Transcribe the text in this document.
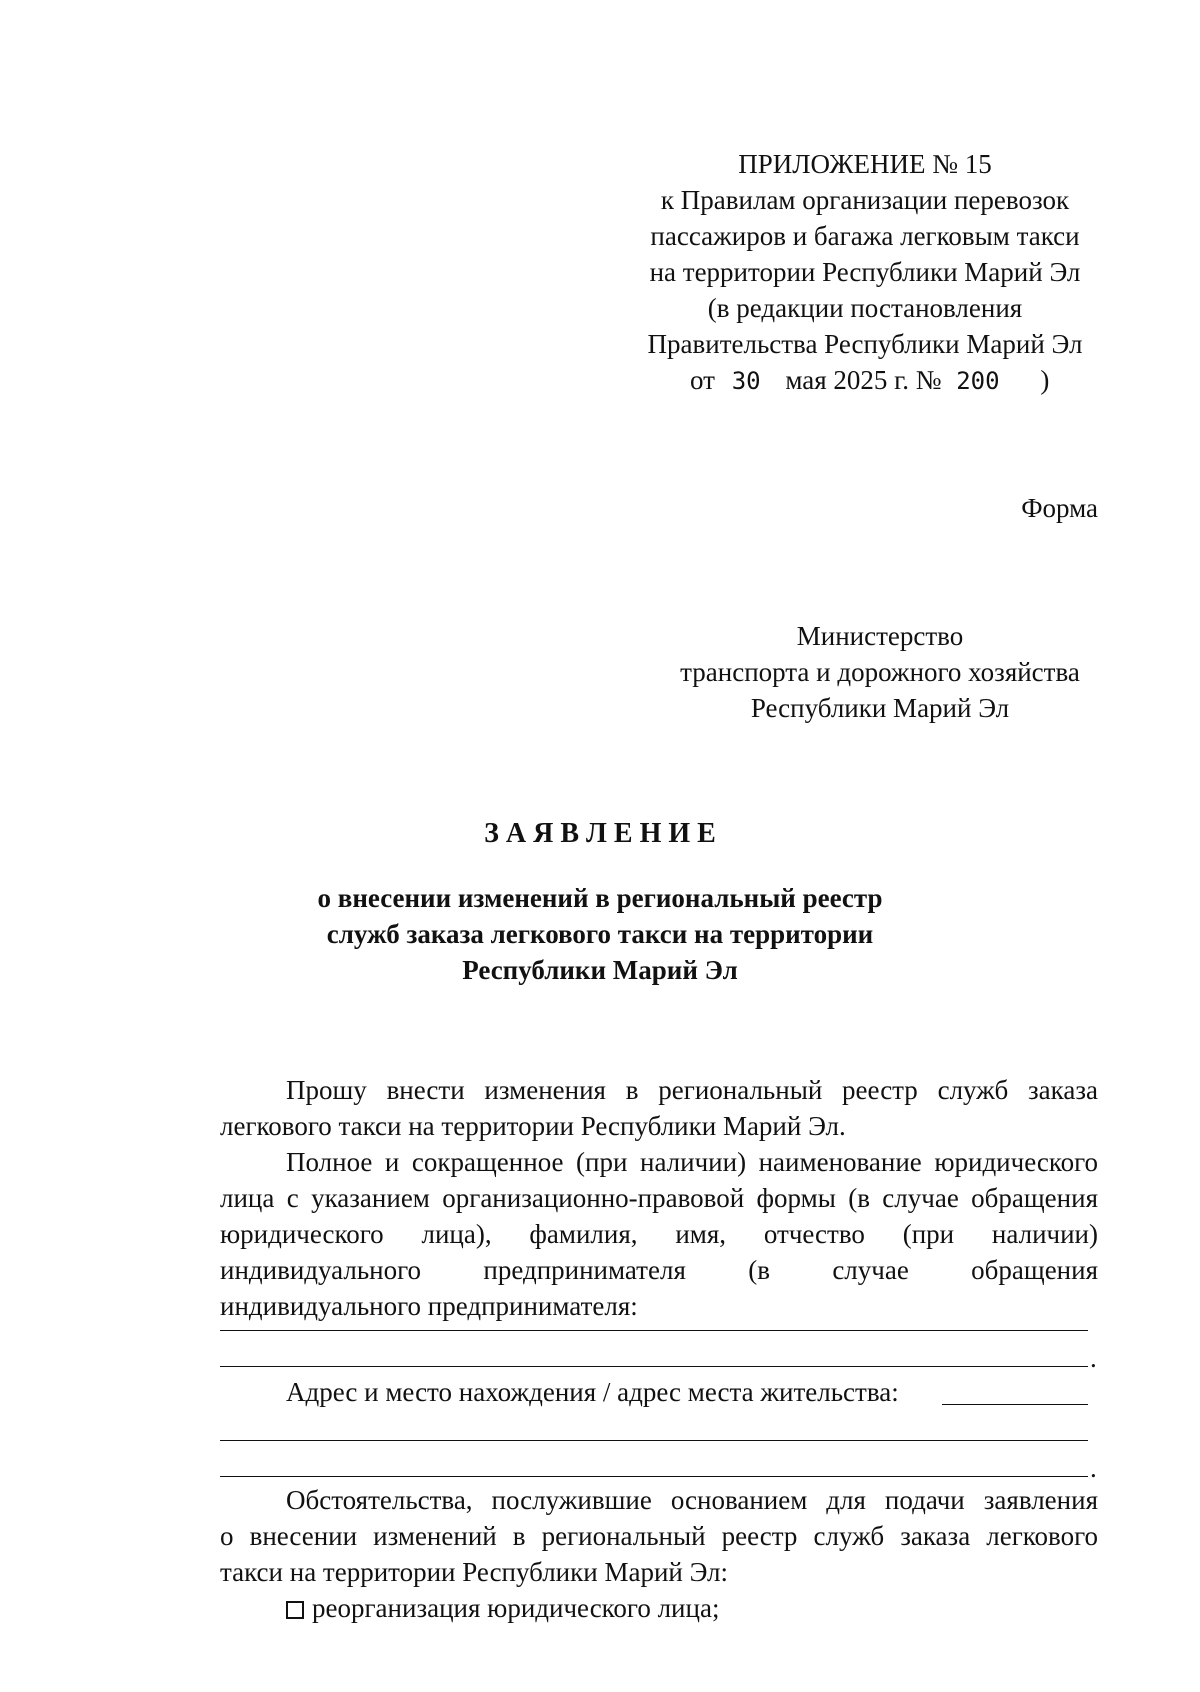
ПРИЛОЖЕНИЕ № 15
к Правилам организации перевозок
пассажиров и багажа легковым такси
на территории Республики Марий Эл
(в редакции постановления
Правительства Республики Марий Эл
от 30 мая 2025 г. № 200 )
Форма
Министерство
транспорта и дорожного хозяйства
Республики Марий Эл
З А Я В Л Е Н И Е
о внесении изменений в региональный реестр
служб заказа легкового такси на территории
Республики Марий Эл
Прошу внести изменения в региональный реестр служб заказа
легкового такси на территории Республики Марий Эл.
Полное и сокращенное (при наличии) наименование юридического
лица с указанием организационно-правовой формы (в случае обращения
юридического лица), фамилия, имя, отчество (при наличии)
индивидуального предпринимателя (в случае обращения
индивидуального предпринимателя:
.
Адрес и место нахождения / адрес места жительства:
.
Обстоятельства, послужившие основанием для подачи заявления
о внесении изменений в региональный реестр служб заказа легкового
такси на территории Республики Марий Эл:
реорганизация юридического лица;
